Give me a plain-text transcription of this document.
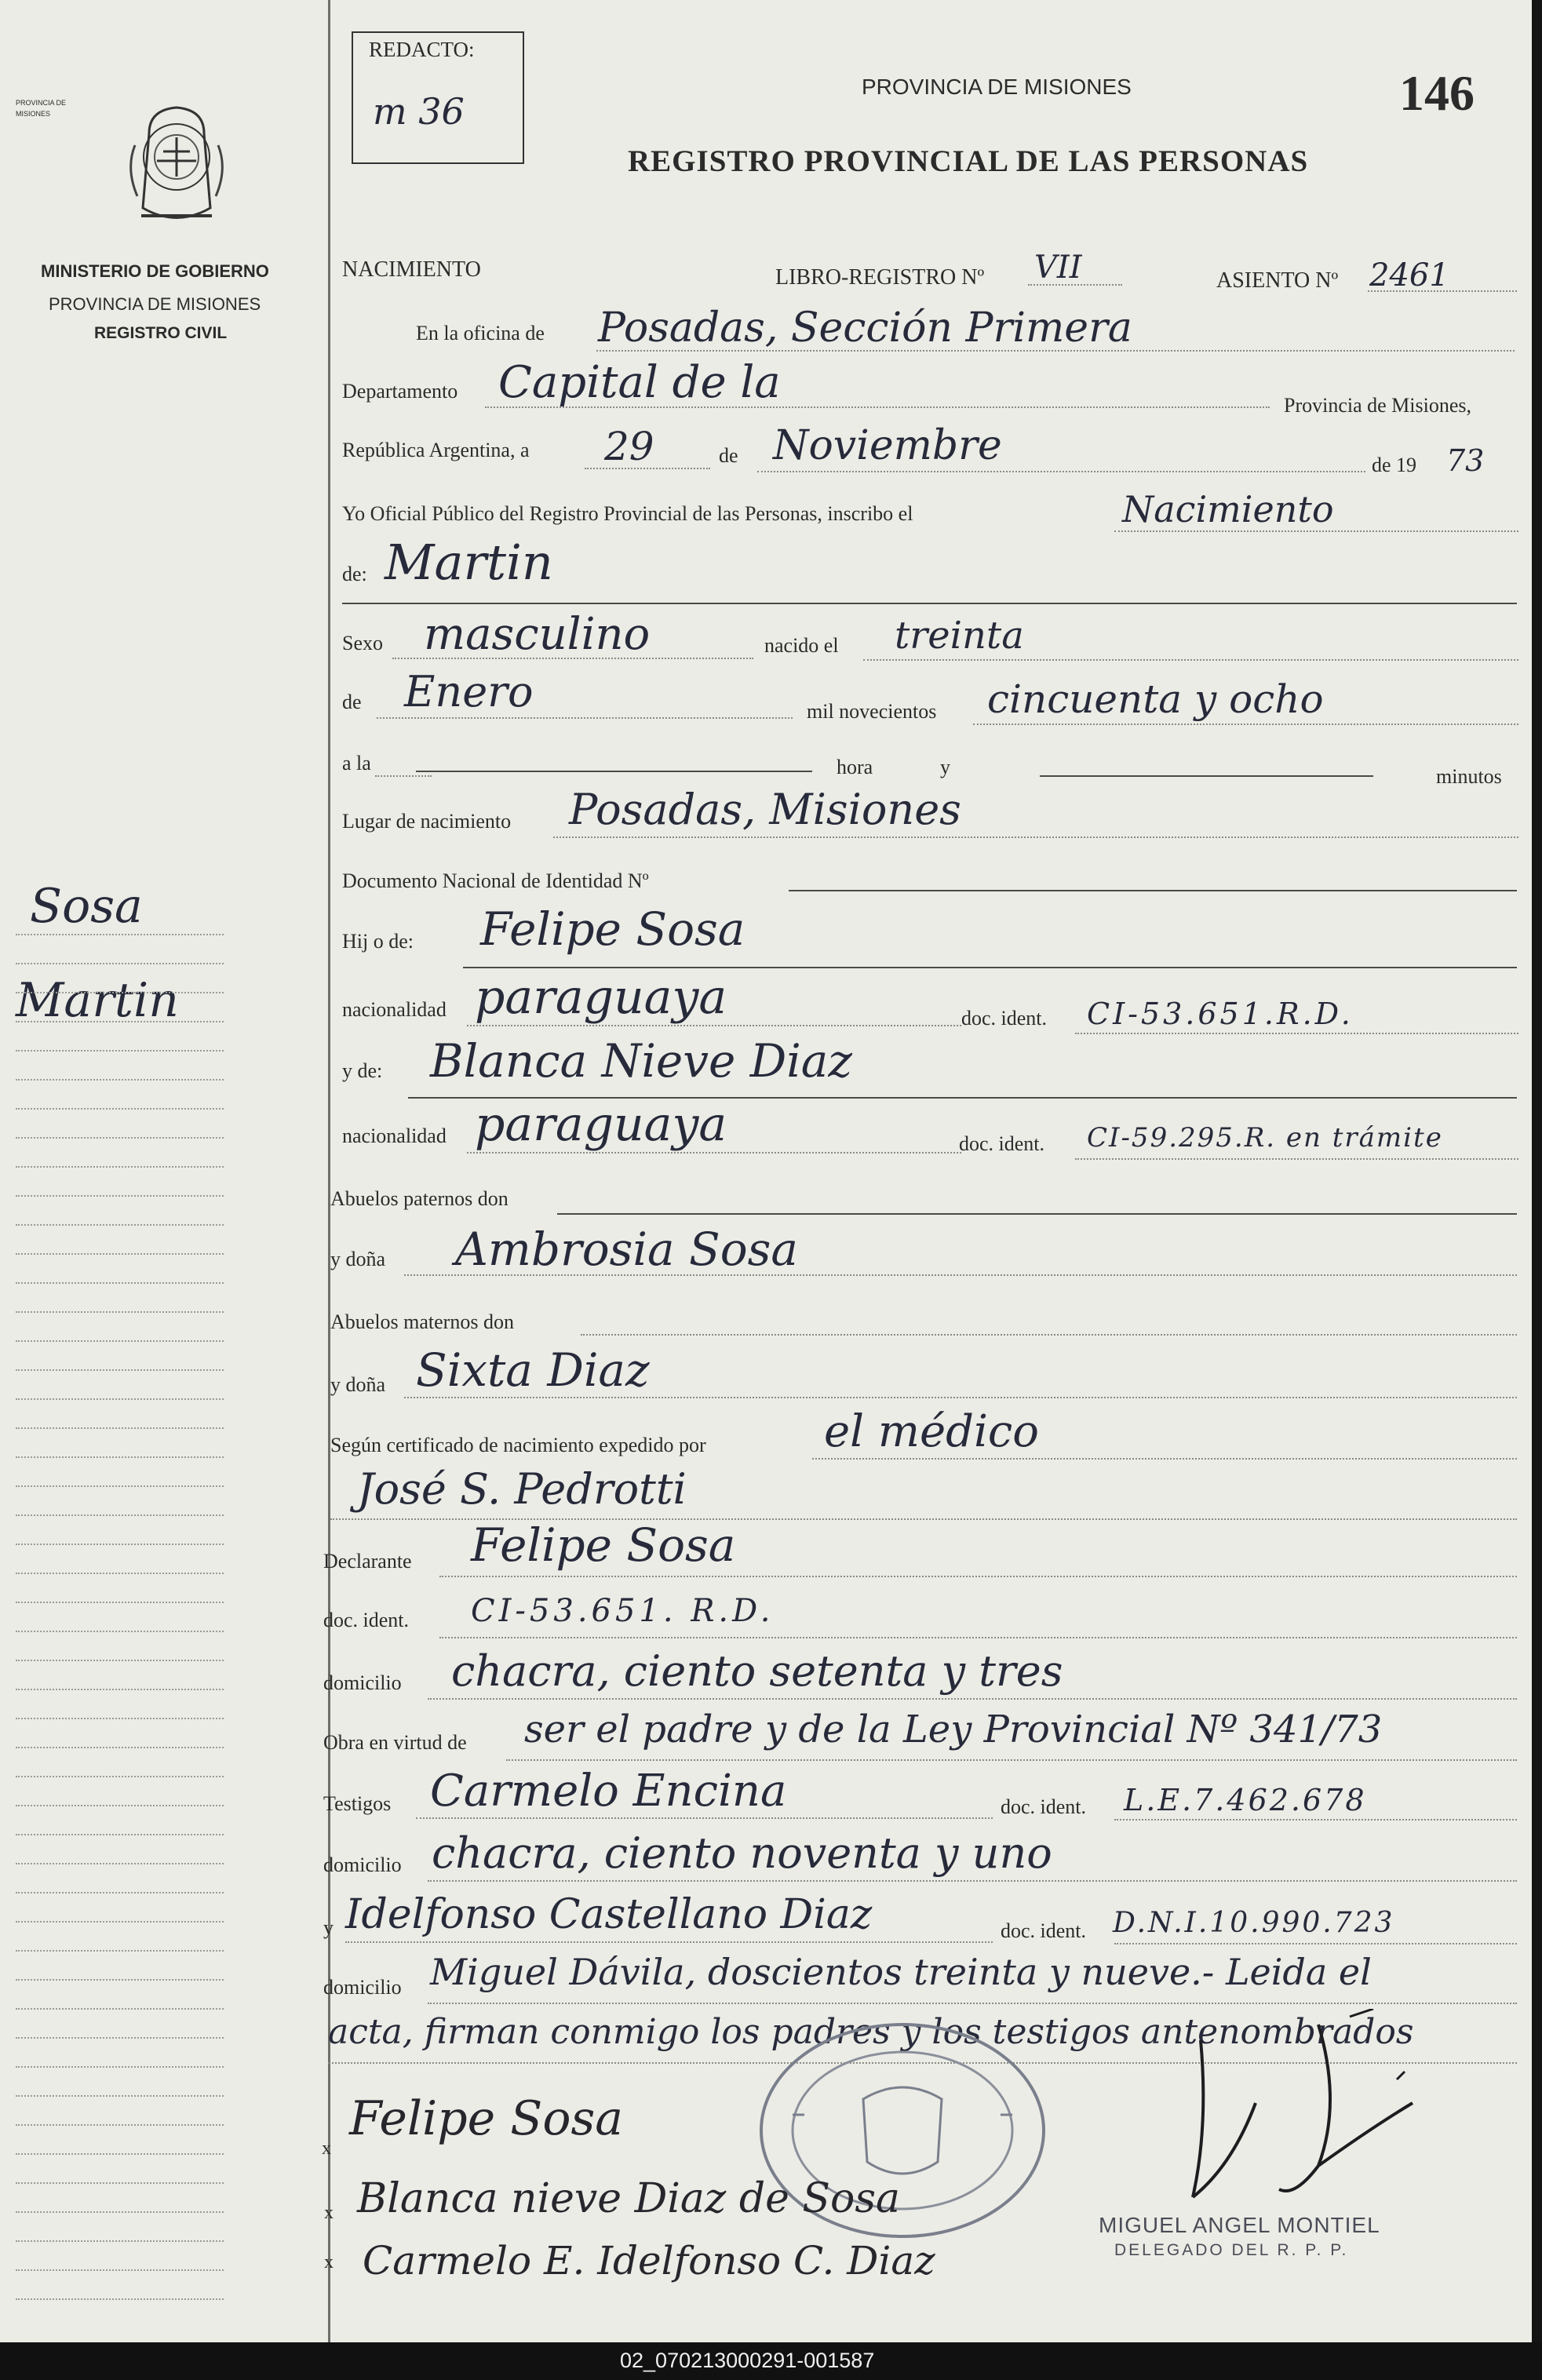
PROVINCIA DE
MISIONES
MINISTERIO DE GOBIERNO
PROVINCIA DE MISIONES
REGISTRO CIVIL
Sosa
Martin
REDACTO:
m 36
PROVINCIA DE MISIONES
REGISTRO PROVINCIAL DE LAS PERSONAS
146
NACIMIENTO	LIBRO-REGISTRO Nº VII	ASIENTO Nº 2461
En la oficina de Posadas, Sección Primera
Departamento Capital de la	Provincia de Misiones,
República Argentina, a 29	de Noviembre	de 19 73
Yo Oficial Público del Registro Provincial de las Personas, inscribo el	Nacimiento
de: Martin
Sexo masculino	nacido el treinta
de Enero	mil novecientos cincuenta y ocho
a la	hora	y	minutos
Lugar de nacimiento Posadas, Misiones
Documento Nacional de Identidad Nº
Hij o de: Felipe Sosa
nacionalidad paraguaya	doc. ident. CI-53.651.R.D.
y de: Blanca Nieve Diaz
nacionalidad paraguaya	doc. ident. CI-59.295.R. en trámite
Abuelos paternos don
y doña Ambrosia Sosa
Abuelos maternos don
y doña Sixta Diaz
Según certificado de nacimiento expedido por	el médico
José S. Pedrotti
Declarante Felipe Sosa
doc. ident. CI-53.651. R.D.
domicilio chacra, ciento setenta y tres
Obra en virtud de ser el padre y de la Ley Provincial Nº 341/73
Testigos Carmelo Encina	doc. ident. L.E.7.462.678
domicilio chacra, ciento noventa y uno
y Idelfonso Castellano Diaz	doc. ident. D.N.I.10.990.723
domicilio Miguel Dávila, doscientos treinta y nueve.- Leida el
acta, firman conmigo los padres y los testigos antenombrados
MIGUEL ANGEL MONTIEL
DELEGADO DEL R. P. P.
Felipe Sosa
Blanca nieve Diaz de Sosa
Carmelo E. Idelfonso C. Diaz
x
x
x
02_070213000291-001587
